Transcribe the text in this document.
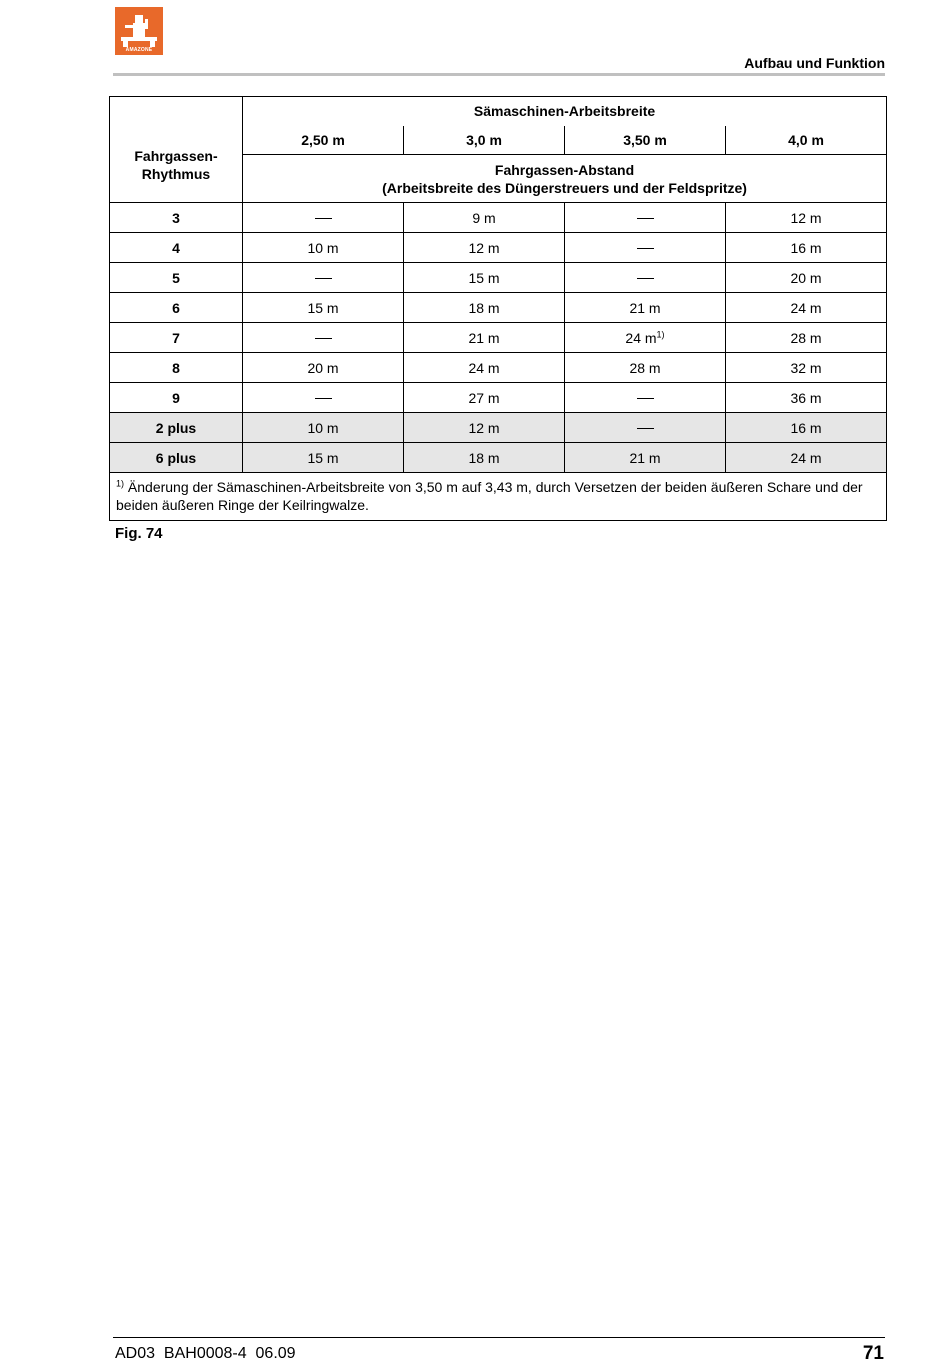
AMAZONE
Aufbau und Funktion
Fahrgassen-
Rhythmus	Sämaschinen-Arbeitsbreite			
	2,50 m	3,0 m	3,50 m	4,0 m

	Fahrgassen-Abstand
(Arbeitsbreite des Düngerstreuers und der Feldspritze)			

3		9 m		12 m
4	10 m	12 m		16 m
5		15 m		20 m
6	15 m	18 m	21 m	24 m
7		21 m	24 $m^{1)}$	28 m
8	20 m	24 m	28 m	32 m
9		27 m		36 m
2 plus	10 m	12 m		16 m
6 plus	15 m	18 m	21 m	24 m
$^{1)}$ Änderung der Sämaschinen-Arbeitsbreite von 3,50 m auf 3,43 m, durch Versetzen der beiden äußeren Schare und der beiden äußeren Ringe der Keilringwalze.				
Fig. 74
AD03  BAH0008-4  06.09	71
